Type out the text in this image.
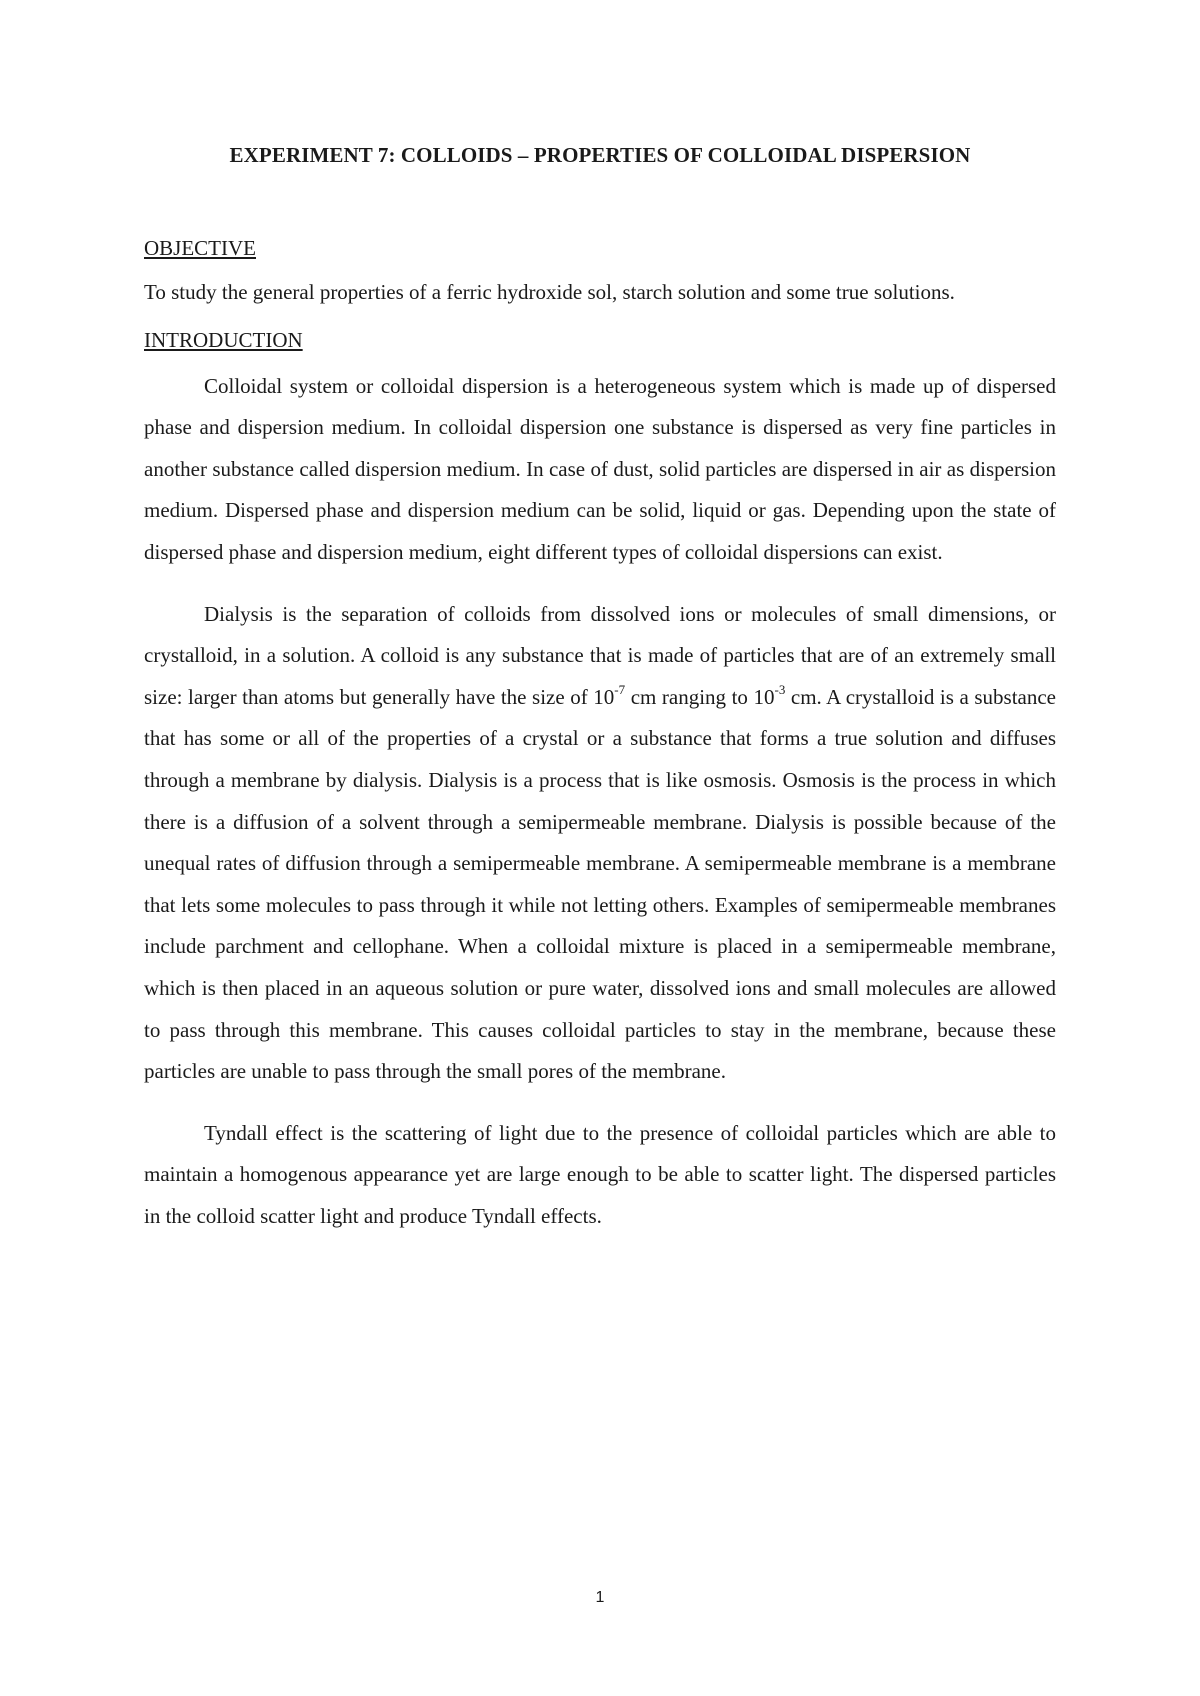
EXPERIMENT 7: COLLOIDS – PROPERTIES OF COLLOIDAL DISPERSION

OBJECTIVE

To study the general properties of a ferric hydroxide sol, starch solution and some true solutions.

INTRODUCTION

Colloidal system or colloidal dispersion is a heterogeneous system which is made up of dispersed phase and dispersion medium. In colloidal dispersion one substance is dispersed as very fine particles in another substance called dispersion medium. In case of dust, solid particles are dispersed in air as dispersion medium. Dispersed phase and dispersion medium can be solid, liquid or gas. Depending upon the state of dispersed phase and dispersion medium, eight different types of colloidal dispersions can exist.

Dialysis is the separation of colloids from dissolved ions or molecules of small dimensions, or crystalloid, in a solution. A colloid is any substance that is made of particles that are of an extremely small size: larger than atoms but generally have the size of $10^{-7}$ cm ranging to $10^{-3}$ cm. A crystalloid is a substance that has some or all of the properties of a crystal or a substance that forms a true solution and diffuses through a membrane by dialysis. Dialysis is a process that is like osmosis. Osmosis is the process in which there is a diffusion of a solvent through a semipermeable membrane. Dialysis is possible because of the unequal rates of diffusion through a semipermeable membrane. A semipermeable membrane is a membrane that lets some molecules to pass through it while not letting others. Examples of semipermeable membranes include parchment and cellophane. When a colloidal mixture is placed in a semipermeable membrane, which is then placed in an aqueous solution or pure water, dissolved ions and small molecules are allowed to pass through this membrane. This causes colloidal particles to stay in the membrane, because these particles are unable to pass through the small pores of the membrane.

Tyndall effect is the scattering of light due to the presence of colloidal particles which are able to maintain a homogenous appearance yet are large enough to be able to scatter light. The dispersed particles in the colloid scatter light and produce Tyndall effects.

1
